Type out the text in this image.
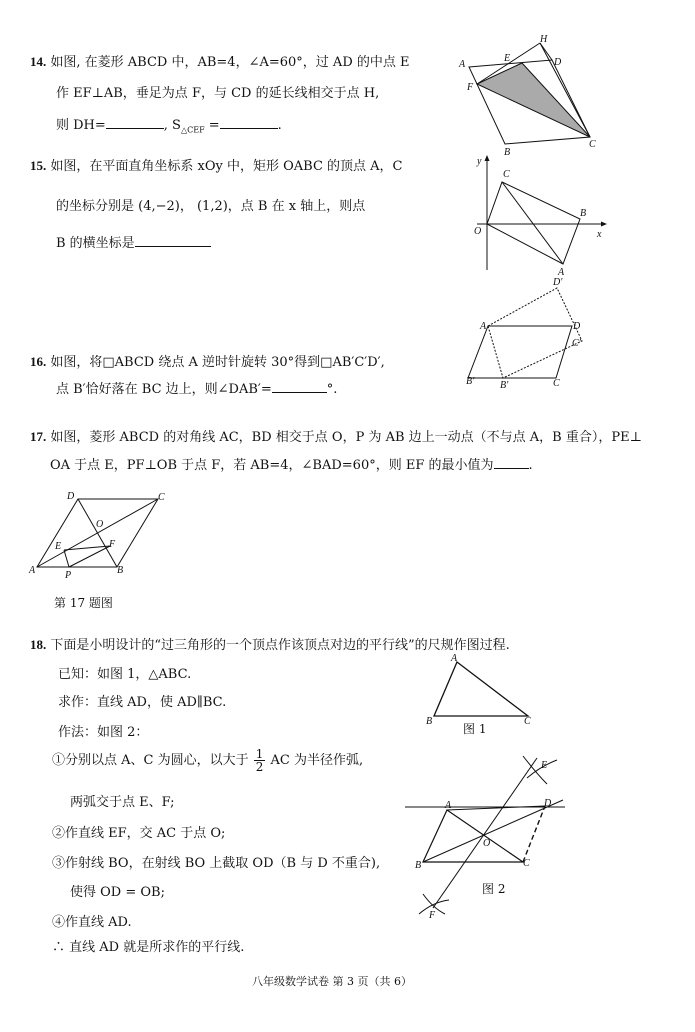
14. 如图, 在菱形 ABCD 中，AB=4，∠A=60°，过 AD 的中点 E
作 EF⊥AB，垂足为点 F，与 CD 的延长线相交于点 H,
则 DH=	, $S_{\triangle CEF}$ =	.
A
B
C
D
E
F
H
15. 如图，在平面直角坐标系 xOy 中，矩形 OABC 的顶点 A，C
的坐标分别是 (4,−2)， (1,2)，点 B 在 x 轴上，则点
B 的横坐标是
y
x
O
C
B
A
16. 如图，将□ABCD 绕点 A 逆时针旋转 30°得到□AB′C′D′,
点 B′恰好落在 BC 边上，则∠DAB′=	°.
A	D
D′
C′
C
B′	B′
17. 如图，菱形 ABCD 的对角线 AC，BD 相交于点 O，P 为 AB 边上一动点（不与点 A，B 重合），PE⊥
OA 于点 E，PF⊥OB 于点 F，若 AB=4，∠BAD=60°，则 EF 的最小值为	.
A	B
C
D
O
E	F
P
第 17 题图
18. 下面是小明设计的“过三角形的一个顶点作该顶点对边的平行线”的尺规作图过程.
已知：如图 1，△ABC.
求作：直线 AD，使 AD∥BC.
作法：如图 2：
①分别以点 A、C 为圆心，以大于 $\frac{1}{2}$ AC 为半径作弧,
两弧交于点 E、F;
②作直线 EF，交 AC 于点 O;
③作射线 BO，在射线 BO 上截取 OD（B 与 D 不重合),
使得 OD = OB;
④作直线 AD.
∴ 直线 AD 就是所求作的平行线.
A
B	C
图 1
E
D
A
O
B	C
F
图 2
八年级数学试卷 第 3 页（共 6）
